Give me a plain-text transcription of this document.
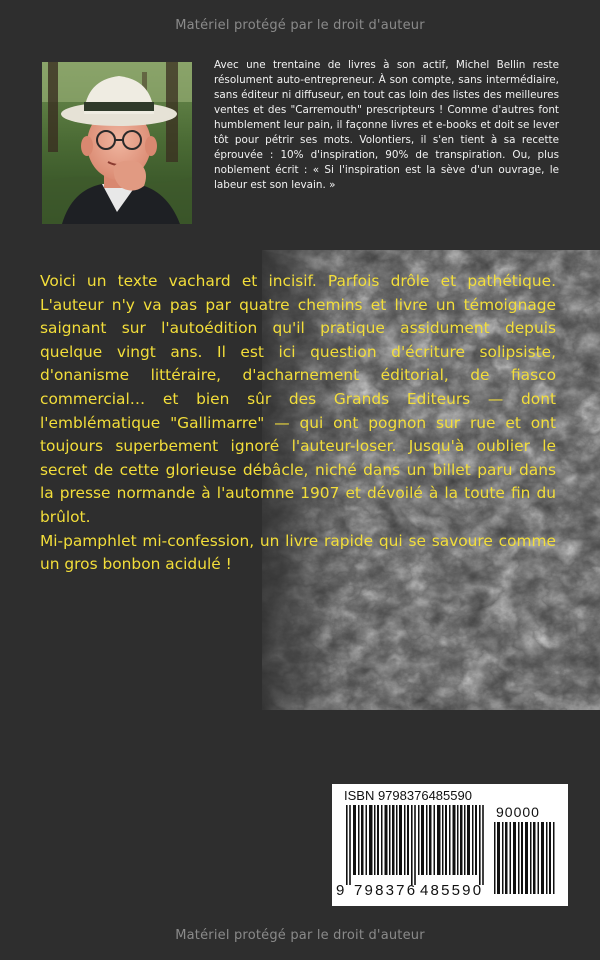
Matériel protégé par le droit d'auteur

Avec une trentaine de livres à son actif, Michel Bellin reste résolument auto-entrepreneur. À son compte, sans intermédiaire, sans éditeur ni diffuseur, en tout cas loin des listes des meilleures ventes et des "Carremouth" prescripteurs ! Comme d'autres font humblement leur pain, il façonne livres et e-books et doit se lever tôt pour pétrir ses mots. Volontiers, il s'en tient à sa recette éprouvée : 10% d'inspiration, 90% de transpiration. Ou, plus noblement écrit : « Si l'inspiration est la sève d'un ouvrage, le labeur est son levain. »

Voici un texte vachard et incisif. Parfois drôle et pathétique. L'auteur n'y va pas par quatre chemins et livre un témoignage saignant sur l'autoédition qu'il pratique assidument depuis quelque vingt ans. Il est ici question d'écriture solipsiste, d'onanisme littéraire, d'acharnement éditorial, de fiasco commercial… et bien sûr des Grands Editeurs — dont l'emblématique "Gallimarre" — qui ont pognon sur rue et ont toujours superbement ignoré l'auteur-loser. Jusqu'à oublier le secret de cette glorieuse débâcle, niché dans un billet paru dans la presse normande à l'automne 1907 et dévoilé à la toute fin du brûlot.

Mi-pamphlet mi-confession, un livre rapide qui se savoure comme un gros bonbon acidulé !

ISBN 9798376485590
90000
9 798376 485590
Matériel protégé par le droit d'auteur
